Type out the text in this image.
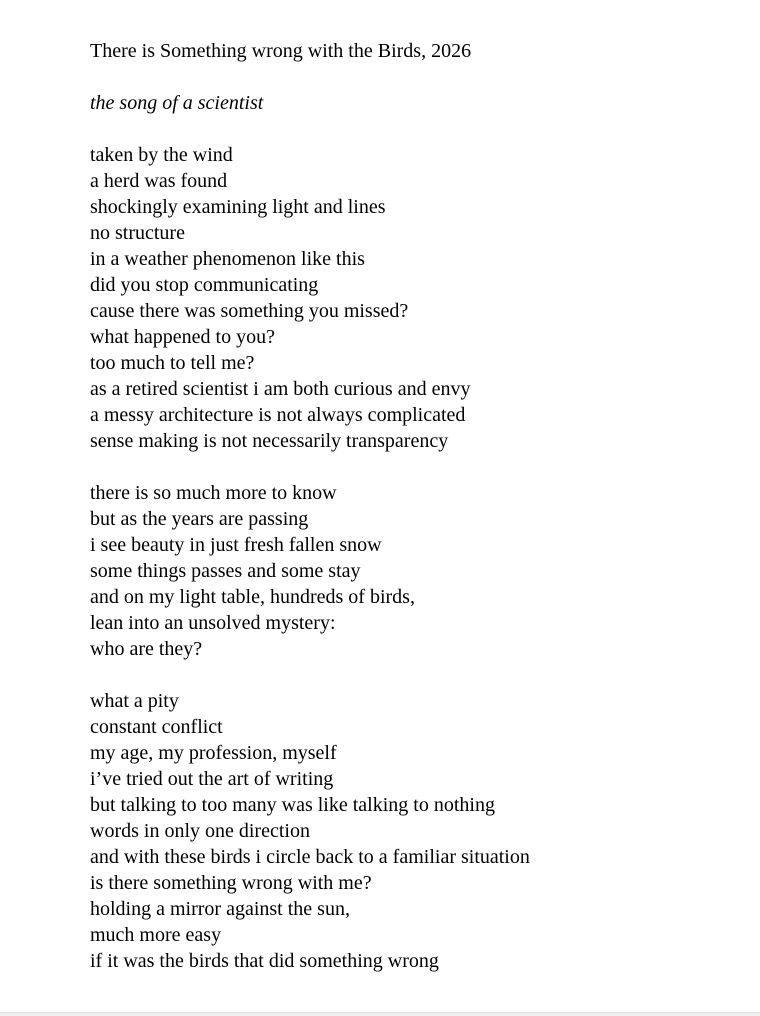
There is Something wrong with the Birds, 2026
the song of a scientist
taken by the wind
a herd was found
shockingly examining light and lines
no structure
in a weather phenomenon like this
did you stop communicating
cause there was something you missed?
what happened to you?
too much to tell me?
as a retired scientist i am both curious and envy
a messy architecture is not always complicated
sense making is not necessarily transparency
there is so much more to know
but as the years are passing
i see beauty in just fresh fallen snow
some things passes and some stay
and on my light table, hundreds of birds,
lean into an unsolved mystery:
who are they?
what a pity
constant conflict
my age, my profession, myself
i’ve tried out the art of writing
but talking to too many was like talking to nothing
words in only one direction
and with these birds i circle back to a familiar situation
is there something wrong with me?
holding a mirror against the sun,
much more easy
if it was the birds that did something wrong
